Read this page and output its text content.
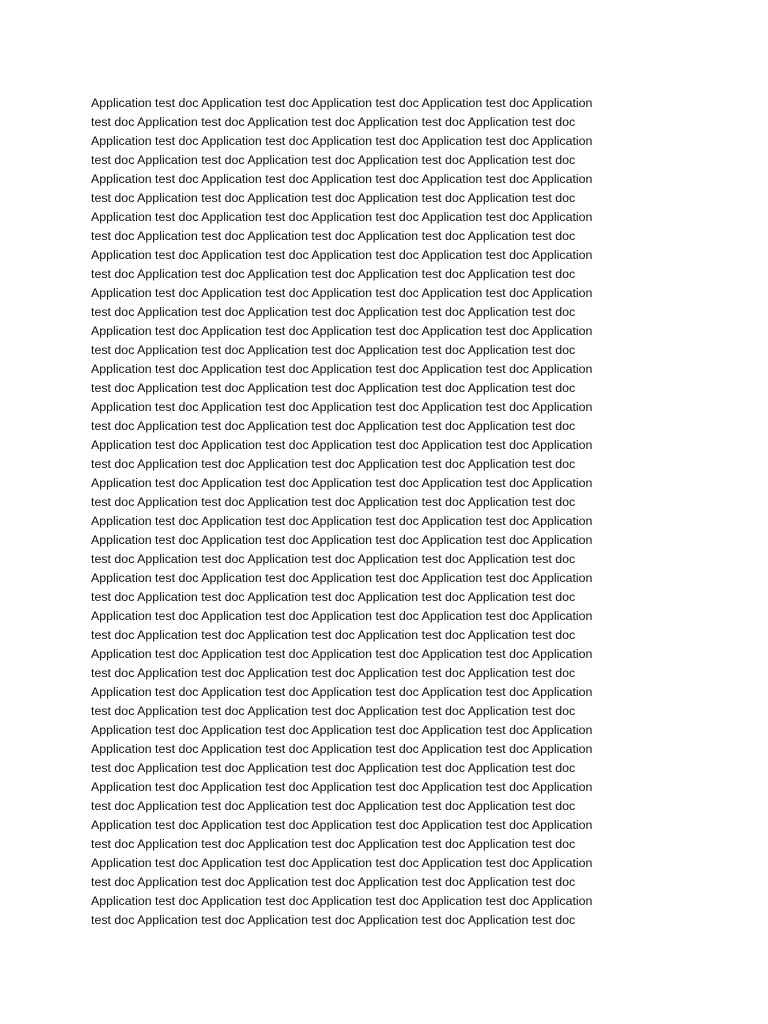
Application test doc Application test doc Application test doc Application test doc Application
test doc Application test doc Application test doc Application test doc Application test doc
Application test doc Application test doc Application test doc Application test doc Application
test doc Application test doc Application test doc Application test doc Application test doc
Application test doc Application test doc Application test doc Application test doc Application
test doc Application test doc Application test doc Application test doc Application test doc
Application test doc Application test doc Application test doc Application test doc Application
test doc Application test doc Application test doc Application test doc Application test doc
Application test doc Application test doc Application test doc Application test doc Application
test doc Application test doc Application test doc Application test doc Application test doc
Application test doc Application test doc Application test doc Application test doc Application
test doc Application test doc Application test doc Application test doc Application test doc
Application test doc Application test doc Application test doc Application test doc Application
test doc Application test doc Application test doc Application test doc Application test doc
Application test doc Application test doc Application test doc Application test doc Application
test doc Application test doc Application test doc Application test doc Application test doc
Application test doc Application test doc Application test doc Application test doc Application
test doc Application test doc Application test doc Application test doc Application test doc
Application test doc Application test doc Application test doc Application test doc Application
test doc Application test doc Application test doc Application test doc Application test doc
Application test doc Application test doc Application test doc Application test doc Application
test doc Application test doc Application test doc Application test doc Application test doc
Application test doc Application test doc Application test doc Application test doc Application
Application test doc Application test doc Application test doc Application test doc Application
test doc Application test doc Application test doc Application test doc Application test doc
Application test doc Application test doc Application test doc Application test doc Application
test doc Application test doc Application test doc Application test doc Application test doc
Application test doc Application test doc Application test doc Application test doc Application
test doc Application test doc Application test doc Application test doc Application test doc
Application test doc Application test doc Application test doc Application test doc Application
test doc Application test doc Application test doc Application test doc Application test doc
Application test doc Application test doc Application test doc Application test doc Application
test doc Application test doc Application test doc Application test doc Application test doc
Application test doc Application test doc Application test doc Application test doc Application
Application test doc Application test doc Application test doc Application test doc Application
test doc Application test doc Application test doc Application test doc Application test doc
Application test doc Application test doc Application test doc Application test doc Application
test doc Application test doc Application test doc Application test doc Application test doc
Application test doc Application test doc Application test doc Application test doc Application
test doc Application test doc Application test doc Application test doc Application test doc
Application test doc Application test doc Application test doc Application test doc Application
test doc Application test doc Application test doc Application test doc Application test doc
Application test doc Application test doc Application test doc Application test doc Application
test doc Application test doc Application test doc Application test doc Application test doc
